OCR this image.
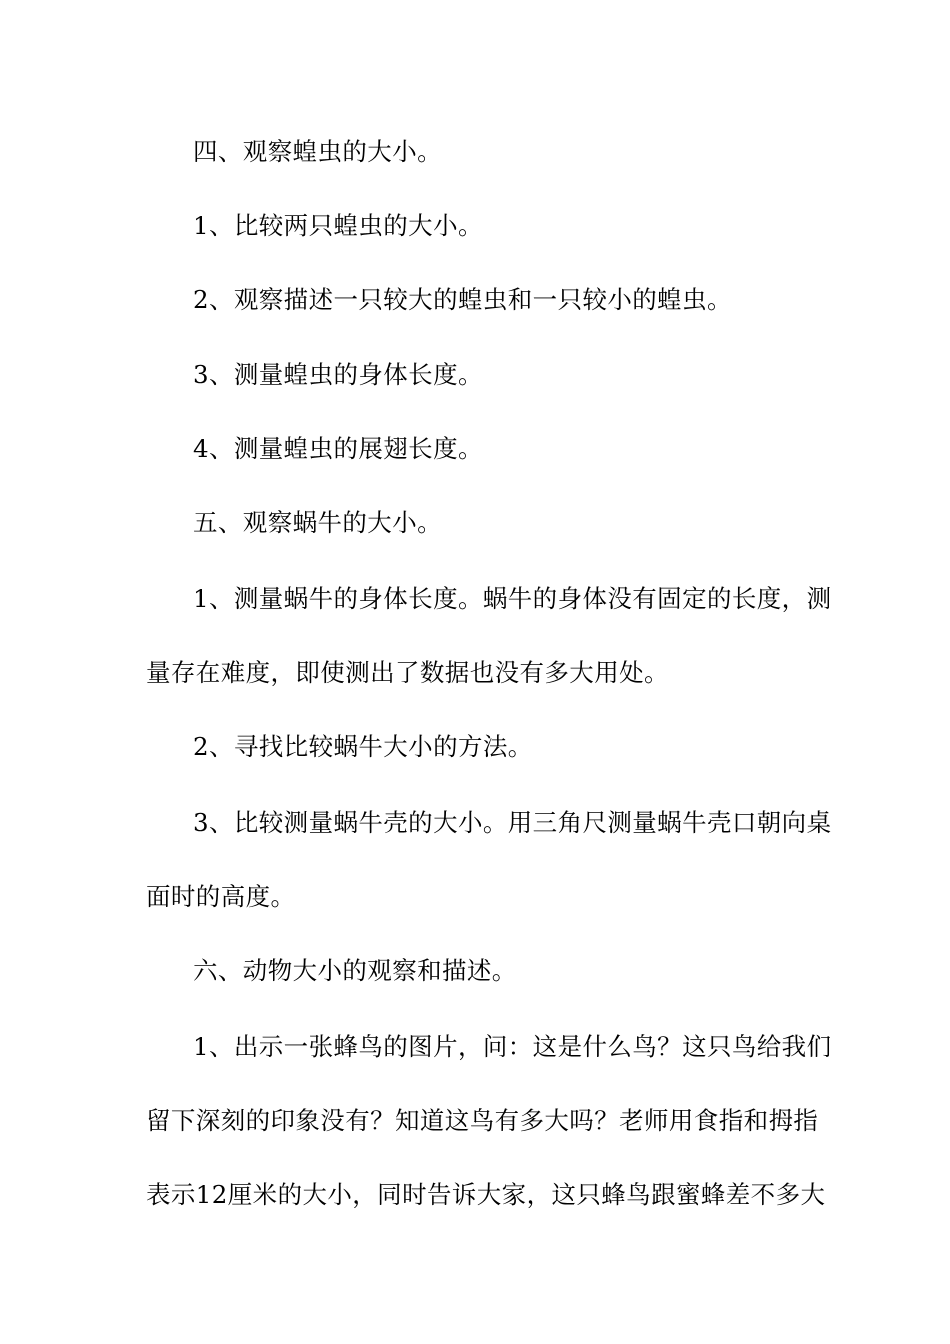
四、观察蝗虫的大小。
1、比较两只蝗虫的大小。
2、观察描述一只较大的蝗虫和一只较小的蝗虫。
3、测量蝗虫的身体长度。
4、测量蝗虫的展翅长度。
五、观察蜗牛的大小。
1、测量蜗牛的身体长度。蜗牛的身体没有固定的长度，测
量存在难度，即使测出了数据也没有多大用处。
2、寻找比较蜗牛大小的方法。
3、比较测量蜗牛壳的大小。用三角尺测量蜗牛壳口朝向桌
面时的高度。
六、动物大小的观察和描述。
1、出示一张蜂鸟的图片，问：这是什么鸟？这只鸟给我们
留下深刻的印象没有？知道这鸟有多大吗？老师用食指和拇指
表示12厘米的大小，同时告诉大家，这只蜂鸟跟蜜蜂差不多大
